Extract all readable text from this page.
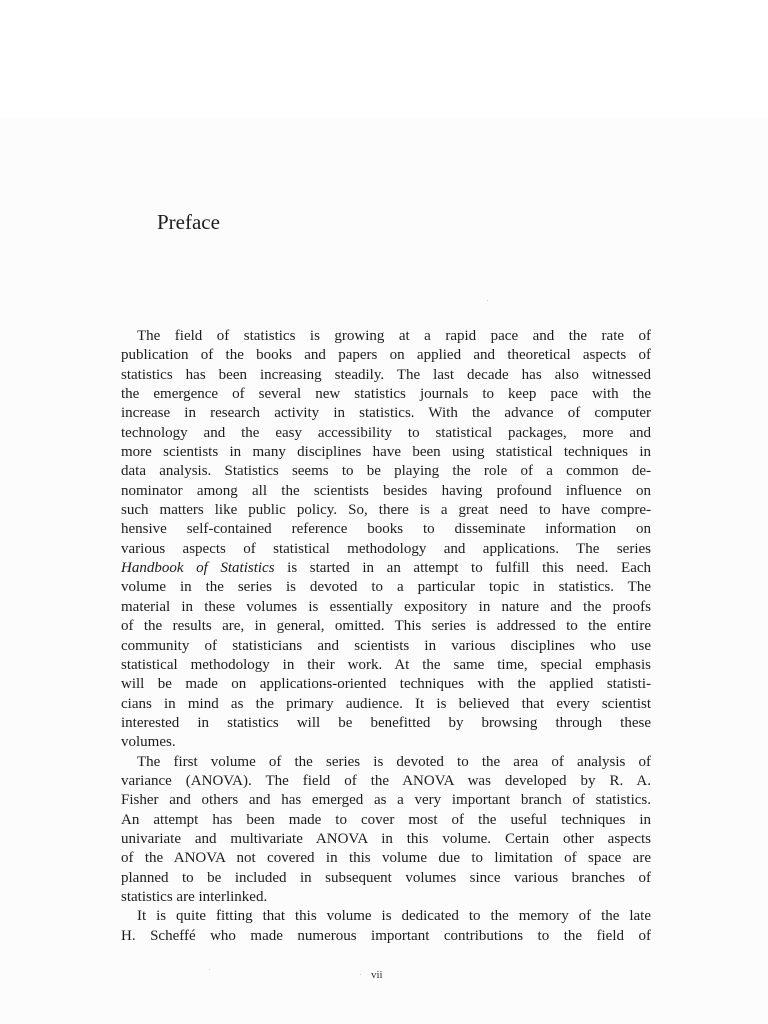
Preface
The field of statistics is growing at a rapid pace and the rate of
publication of the books and papers on applied and theoretical aspects of
statistics has been increasing steadily. The last decade has also witnessed
the emergence of several new statistics journals to keep pace with the
increase in research activity in statistics. With the advance of computer
technology and the easy accessibility to statistical packages, more and
more scientists in many disciplines have been using statistical techniques in
data analysis. Statistics seems to be playing the role of a common de-
nominator among all the scientists besides having profound influence on
such matters like public policy. So, there is a great need to have compre-
hensive self-contained reference books to disseminate information on
various aspects of statistical methodology and applications. The series
Handbook of Statistics is started in an attempt to fulfill this need. Each
volume in the series is devoted to a particular topic in statistics. The
material in these volumes is essentially expository in nature and the proofs
of the results are, in general, omitted. This series is addressed to the entire
community of statisticians and scientists in various disciplines who use
statistical methodology in their work. At the same time, special emphasis
will be made on applications-oriented techniques with the applied statisti-
cians in mind as the primary audience. It is believed that every scientist
interested in statistics will be benefitted by browsing through these
volumes.
The first volume of the series is devoted to the area of analysis of
variance (ANOVA). The field of the ANOVA was developed by R. A.
Fisher and others and has emerged as a very important branch of statistics.
An attempt has been made to cover most of the useful techniques in
univariate and multivariate ANOVA in this volume. Certain other aspects
of the ANOVA not covered in this volume due to limitation of space are
planned to be included in subsequent volumes since various branches of
statistics are interlinked.
It is quite fitting that this volume is dedicated to the memory of the late
H. Scheffé who made numerous important contributions to the field of
vii
